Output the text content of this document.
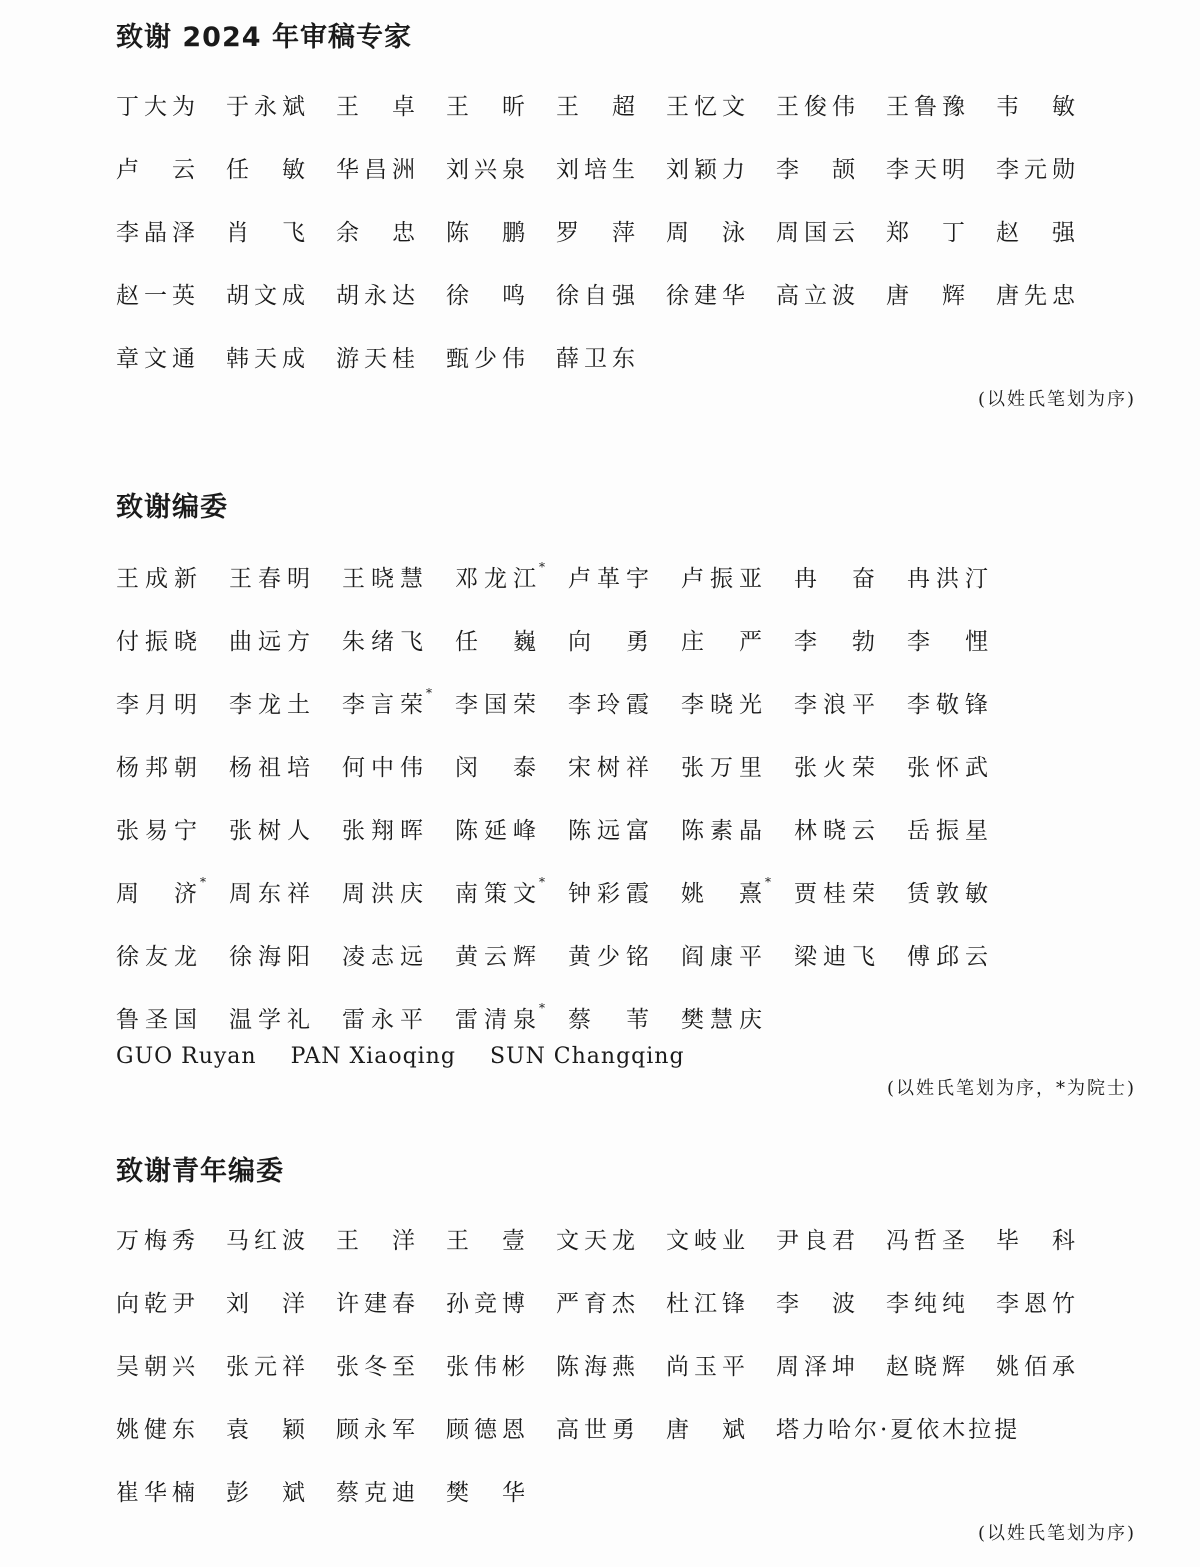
致谢 2024 年审稿专家
丁大为	于永斌	王 卓	王 昕	王 超	王忆文	王俊伟	王鲁豫	韦 敏
卢 云	任 敏	华昌洲	刘兴泉	刘培生	刘颖力	李 颉	李天明	李元勋
李晶泽	肖 飞	余 忠	陈 鹏	罗 萍	周 泳	周国云	郑 丁	赵 强
赵一英	胡文成	胡永达	徐 鸣	徐自强	徐建华	高立波	唐 辉	唐先忠
章文通	韩天成	游天桂	甄少伟	薛卫东
(以姓氏笔划为序)
致谢编委
王成新	王春明	王晓慧	邓龙江 * 卢革宇	卢振亚	冉 奋	冉洪汀
付振晓	曲远方	朱绪飞	任 巍	向 勇	庄 严	李 勃	李 悝
李月明	李龙土	李言荣 * 李国荣	李玲霞	李晓光	李浪平	李敬锋
杨邦朝	杨祖培	何中伟	闵 泰	宋树祥	张万里	张火荣	张怀武
张易宁	张树人	张翔晖	陈延峰	陈远富	陈素晶	林晓云	岳振星
周 济 * 周东祥	周洪庆	南策文 * 钟彩霞	姚 熹 * 贾桂荣	赁敦敏
徐友龙	徐海阳	凌志远	黄云辉	黄少铭	阎康平	梁迪飞	傅邱云
鲁圣国	温学礼	雷永平	雷清泉 * 蔡 苇	樊慧庆
GUO Ruyan PAN Xiaoqing SUN Changqing
(以姓氏笔划为序，*为院士)
致谢青年编委
万梅秀	马红波	王 洋	王 壹	文天龙	文岐业	尹良君	冯哲圣	毕 科
向乾尹	刘 洋	许建春	孙竞博	严育杰	杜江锋	李 波	李纯纯	李恩竹
吴朝兴	张元祥	张冬至	张伟彬	陈海燕	尚玉平	周泽坤	赵晓辉	姚佰承
姚健东	袁 颖	顾永军	顾德恩	高世勇	唐 斌	塔力哈尔·夏依木拉提
崔华楠	彭 斌	蔡克迪	樊 华
(以姓氏笔划为序)
